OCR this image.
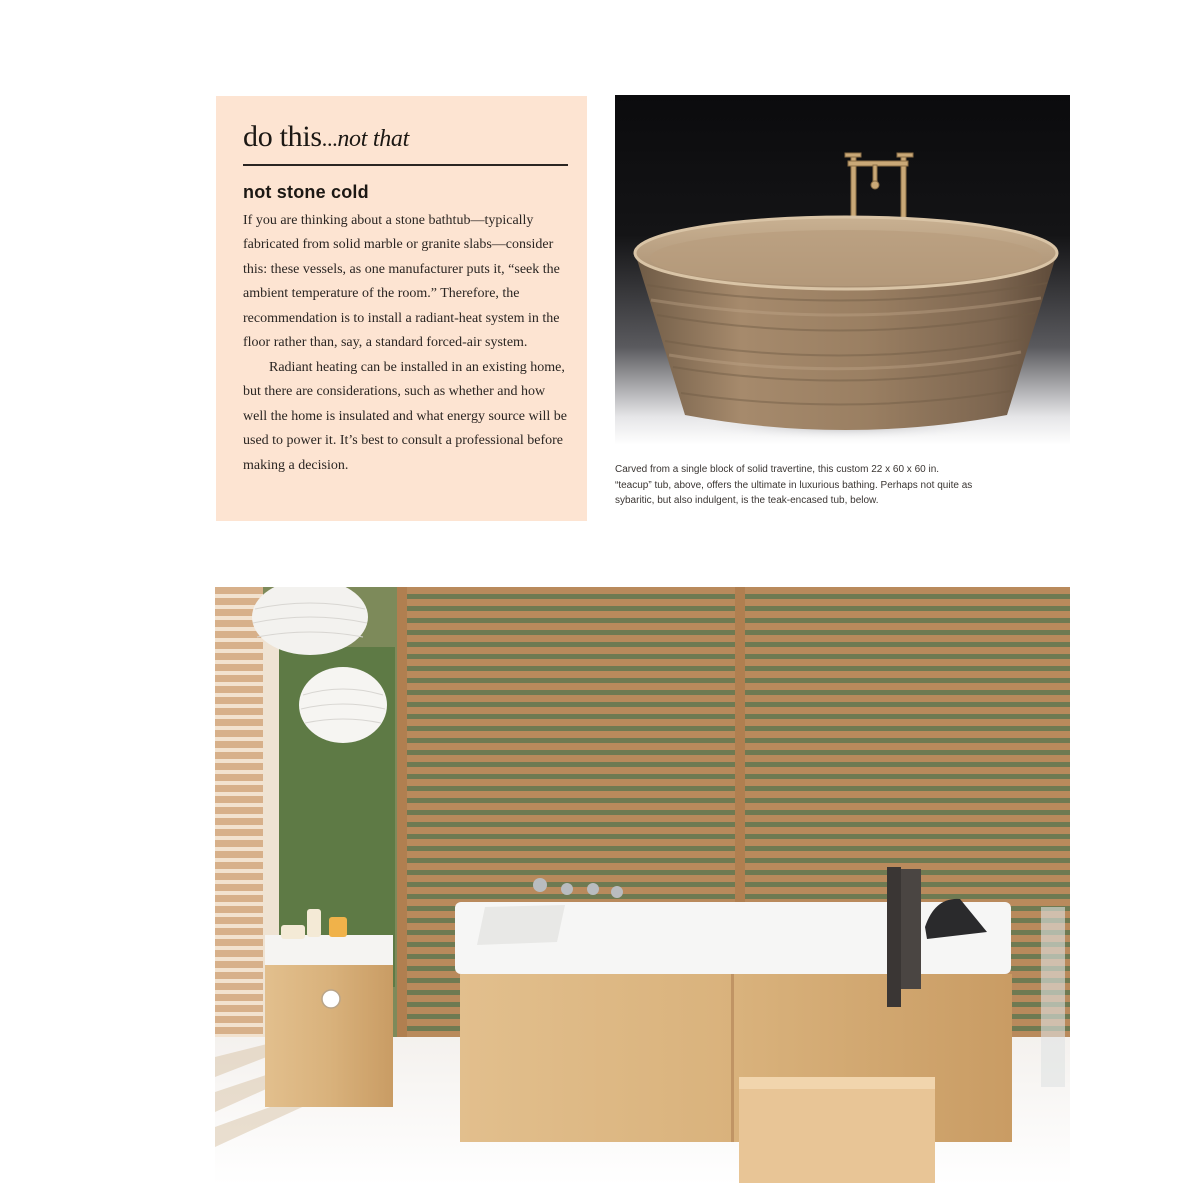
do this...not that
not stone cold

If you are thinking about a stone bathtub—typically fabricated from solid marble or granite slabs—consider this: these vessels, as one manufacturer puts it, “seek the ambient temperature of the room.” Therefore, the recommendation is to install a radiant-heat system in the floor rather than, say, a standard forced-air system.

Radiant heating can be installed in an existing home, but there are considerations, such as whether and how well the home is insulated and what energy source will be used to power it. It’s best to consult a professional before making a decision.	Carved from a single block of solid travertine, this custom 22 x 60 x 60 in. “teacup” tub, above, offers the ultimate in luxurious bathing. Perhaps not quite as sybaritic, but also indulgent, is the teak-encased tub, below.
